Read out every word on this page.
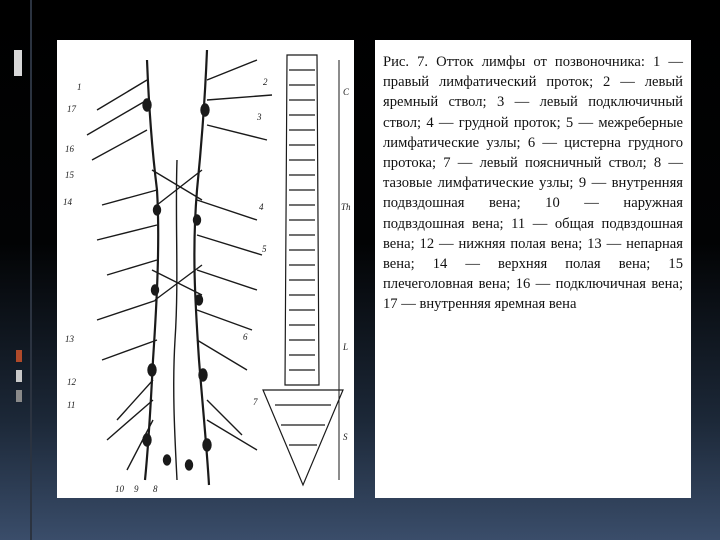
1
17
16
15
14
13
12
11
10 9 8
2
3
4
5
6
7
C
Th
L
S

Рис. 7. Отток лимфы от позвоночника: 1 — правый лимфатический проток; 2 — левый яремный ствол; 3 — левый подключичный ствол; 4 — грудной проток; 5 — межреберные лимфатические узлы; 6 — цистерна грудного протока; 7 — левый поясничный ствол; 8 — тазовые лимфатические узлы; 9 — внутренняя подвздошная вена; 10 — наружная подвздошная вена; 11 — общая подвздошная вена; 12 — нижняя полая вена; 13 — непарная вена; 14 — верхняя полая вена; 15 плечеголовная вена; 16 — подключичная вена; 17 — внутренняя яремная вена
